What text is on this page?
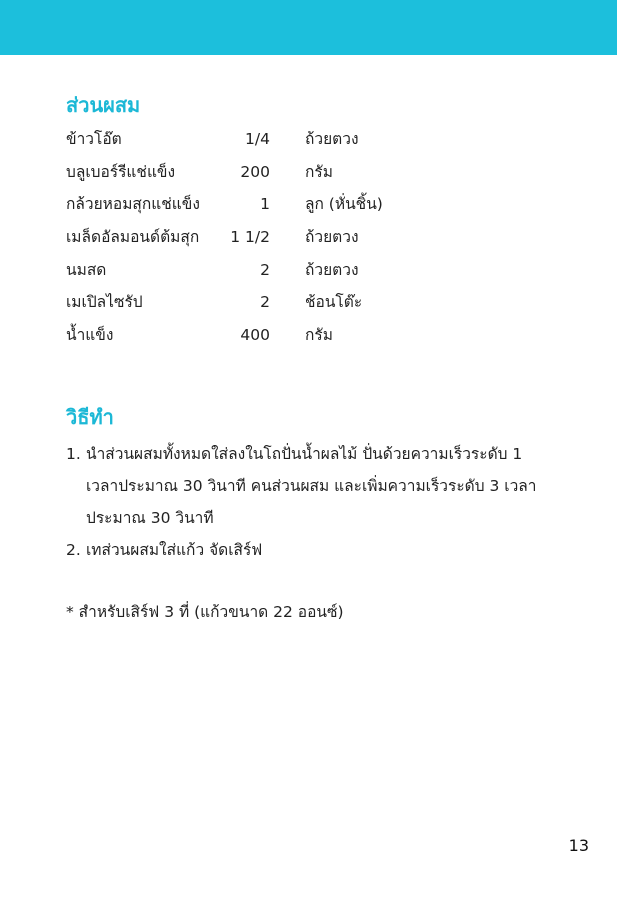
ส่วนผสม
ข้าวโอ๊ต	1/4 ถ้วยตวง
บลูเบอร์รีแช่แข็ง	200 กรัม
กล้วยหอมสุกแช่แข็ง	1 ลูก (หั่นชิ้น)
เมล็ดอัลมอนด์ต้มสุก 1 1/2 ถ้วยตวง
นมสด	2 ถ้วยตวง
เมเปิลไซรัป	2 ช้อนโต๊ะ
น้ำแข็ง	400 กรัม
วิธีทำ
1. นำส่วนผสมทั้งหมดใส่ลงในโถปั่นน้ำผลไม้ ปั่นด้วยความเร็วระดับ 1 เวลาประมาณ 30 วินาที คนส่วนผสม และเพิ่มความเร็วระดับ 3 เวลาประมาณ 30 วินาที
2. เทส่วนผสมใส่แก้ว จัดเสิร์ฟ
* สำหรับเสิร์ฟ 3 ที่ (แก้วขนาด 22 ออนซ์)
13
